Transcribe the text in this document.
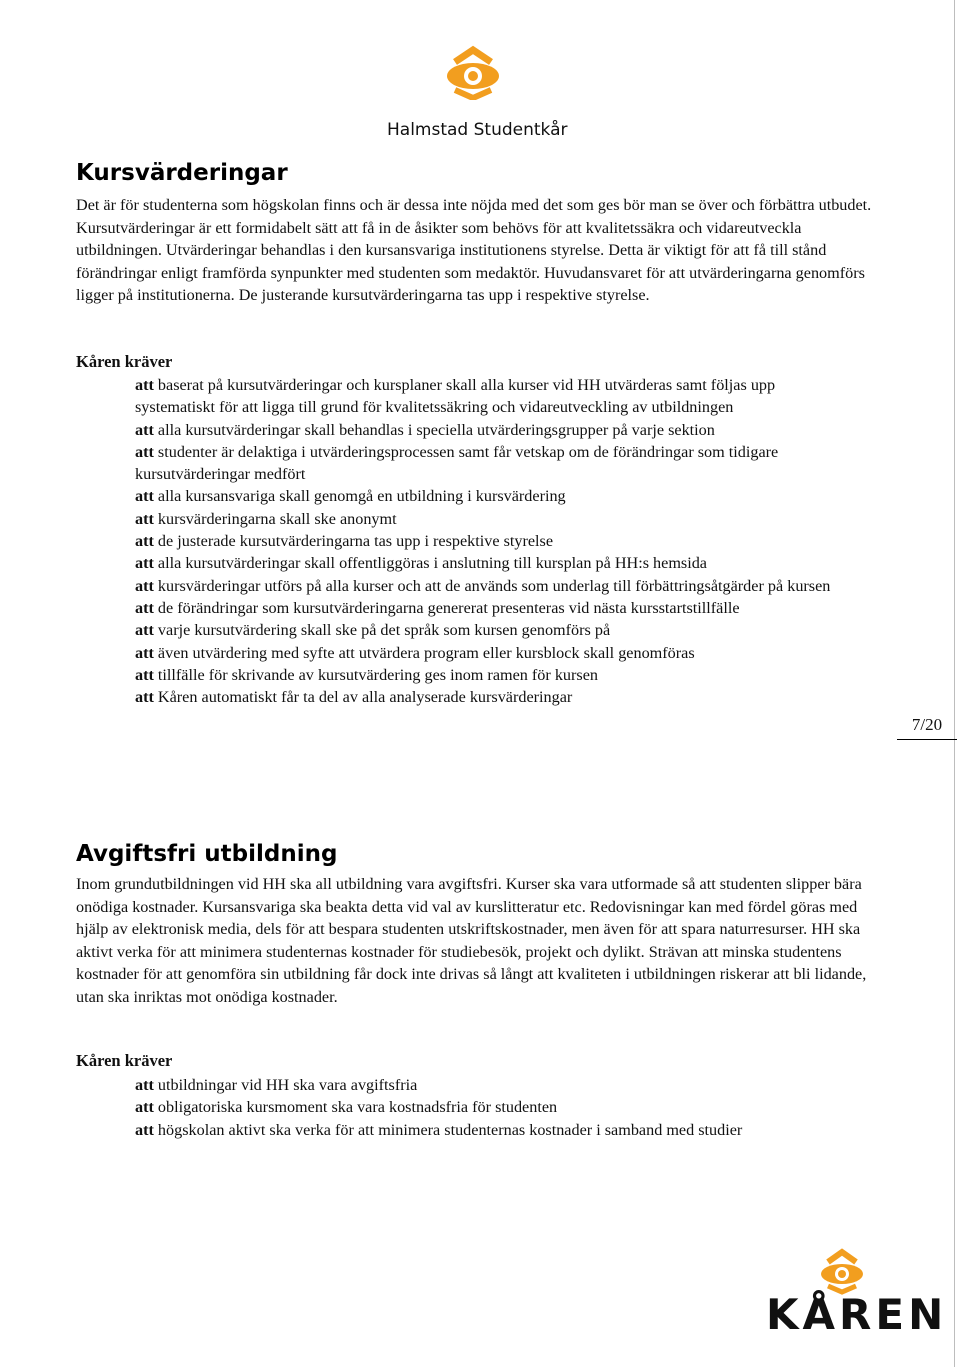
Halmstad Studentkår
Kursvärderingar

Det är för studenterna som högskolan finns och är dessa inte nöjda med det som ges bör man se över och förbättra utbudet. Kursutvärderingar är ett formidabelt sätt att få in de åsikter som behövs för att kvalitetssäkra och vidareutveckla utbildningen. Utvärderingar behandlas i den kursansvariga institutionens styrelse. Detta är viktigt för att få till stånd förändringar enligt framförda synpunkter med studenten som medaktör. Huvudansvaret för att utvärderingarna genomförs ligger på institutionerna. De justerande kursutvärderingarna tas upp i respektive styrelse.

Kåren kräver
att baserat på kursutvärderingar och kursplaner skall alla kurser vid HH utvärderas samt följas upp systematiskt för att ligga till grund för kvalitetssäkring och vidareutveckling av utbildningen
att alla kursutvärderingar skall behandlas i speciella utvärderingsgrupper på varje sektion
att studenter är delaktiga i utvärderingsprocessen samt får vetskap om de förändringar som tidigare kursutvärderingar medfört
att alla kursansvariga skall genomgå en utbildning i kursvärdering
att kursvärderingarna skall ske anonymt
att de justerade kursutvärderingarna tas upp i respektive styrelse
att alla kursutvärderingar skall offentliggöras i anslutning till kursplan på HH:s hemsida
att kursvärderingar utförs på alla kurser och att de används som underlag till förbättringsåtgärder på kursen
att de förändringar som kursutvärderingarna genererat presenteras vid nästa kursstartstillfälle
att varje kursutvärdering skall ske på det språk som kursen genomförs på
att även utvärdering med syfte att utvärdera program eller kursblock skall genomföras
att tillfälle för skrivande av kursutvärdering ges inom ramen för kursen
att Kåren automatiskt får ta del av alla analyserade kursvärderingar
7/20
Avgiftsfri utbildning

Inom grundutbildningen vid HH ska all utbildning vara avgiftsfri. Kurser ska vara utformade så att studenten slipper bära onödiga kostnader. Kursansvariga ska beakta detta vid val av kurslitteratur etc. Redovisningar kan med fördel göras med hjälp av elektronisk media, dels för att bespara studenten utskriftskostnader, men även för att spara naturresurser. HH ska aktivt verka för att minimera studenternas kostnader för studiebesök, projekt och dylikt. Strävan att minska studentens kostnader för att genomföra sin utbildning får dock inte drivas så långt att kvaliteten i utbildningen riskerar att bli lidande, utan ska inriktas mot onödiga kostnader.

Kåren kräver
att utbildningar vid HH ska vara avgiftsfria
att obligatoriska kursmoment ska vara kostnadsfria för studenten
att högskolan aktivt ska verka för att minimera studenternas kostnader i samband med studier
KÅREN
